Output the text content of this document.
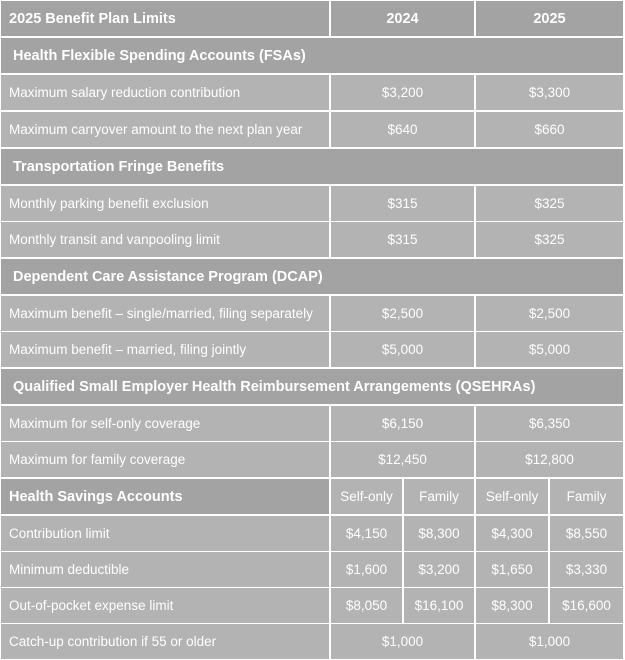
2025 Benefit Plan Limits	2024	2025
Health Flexible Spending Accounts (FSAs)
Maximum salary reduction contribution	$3,200	$3,300
Maximum carryover amount to the next plan year	$640	$660
Transportation Fringe Benefits
Monthly parking benefit exclusion	$315	$325
Monthly transit and vanpooling limit	$315	$325
Dependent Care Assistance Program (DCAP)
Maximum benefit – single/married, filing separately	$2,500	$2,500
Maximum benefit – married, filing jointly	$5,000	$5,000
Qualified Small Employer Health Reimbursement Arrangements (QSEHRAs)
Maximum for self-only coverage	$6,150	$6,350
Maximum for family coverage	$12,450	$12,800
Health Savings Accounts	Self-only	Family	Self-only	Family
Contribution limit	$4,150	$8,300	$4,300	$8,550
Minimum deductible	$1,600	$3,200	$1,650	$3,330
Out-of-pocket expense limit	$8,050	$16,100	$8,300	$16,600
Catch-up contribution if 55 or older	$1,000	$1,000
